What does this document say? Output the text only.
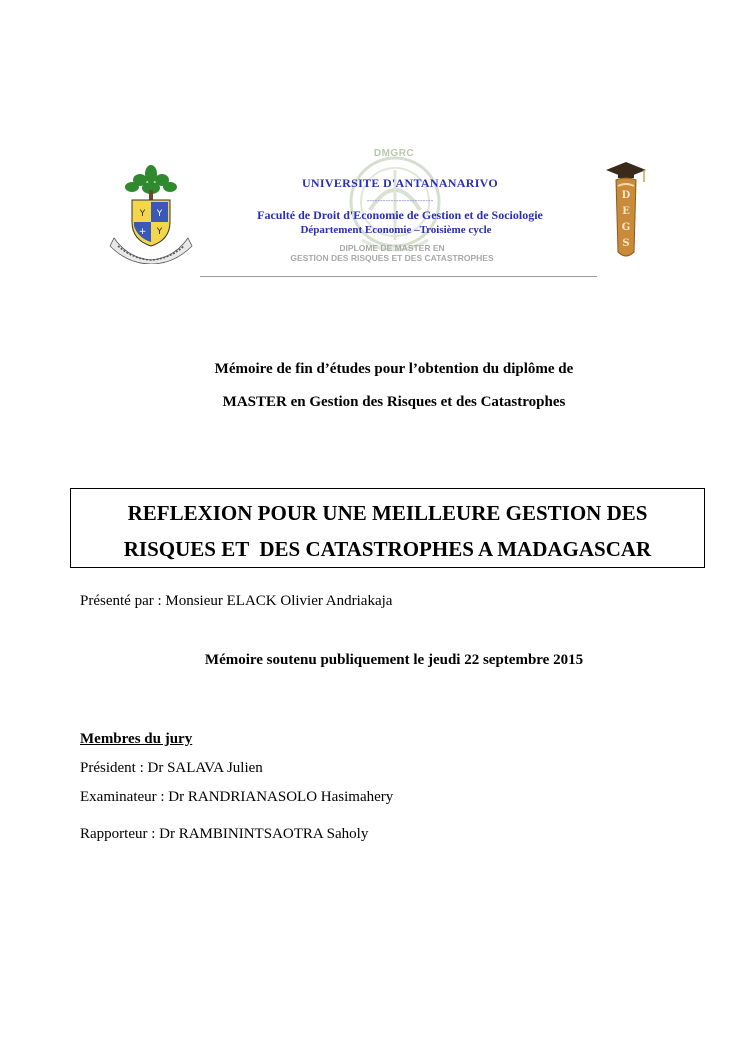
Y Y
+ Y
DMGRC
UNIVERSITE D'ANTANANARIVO
-------------------------
Faculté de Droit d'Economie de Gestion et de Sociologie
Département Economie –Troisième cycle
DIPLOME DE MASTER EN
GESTION DES RISQUES ET DES CATASTROPHES
D
E
G
S
Mémoire de fin d’études pour l’obtention du diplôme de
MASTER en Gestion des Risques et des Catastrophes
REFLEXION POUR UNE MEILLEURE GESTION DES
RISQUES ET  DES CATASTROPHES A MADAGASCAR
Présenté par : Monsieur ELACK Olivier Andriakaja
Mémoire soutenu publiquement le jeudi 22 septembre 2015
Membres du jury
Président : Dr SALAVA Julien
Examinateur : Dr RANDRIANASOLO Hasimahery
Rapporteur : Dr RAMBININTSAOTRA Saholy
